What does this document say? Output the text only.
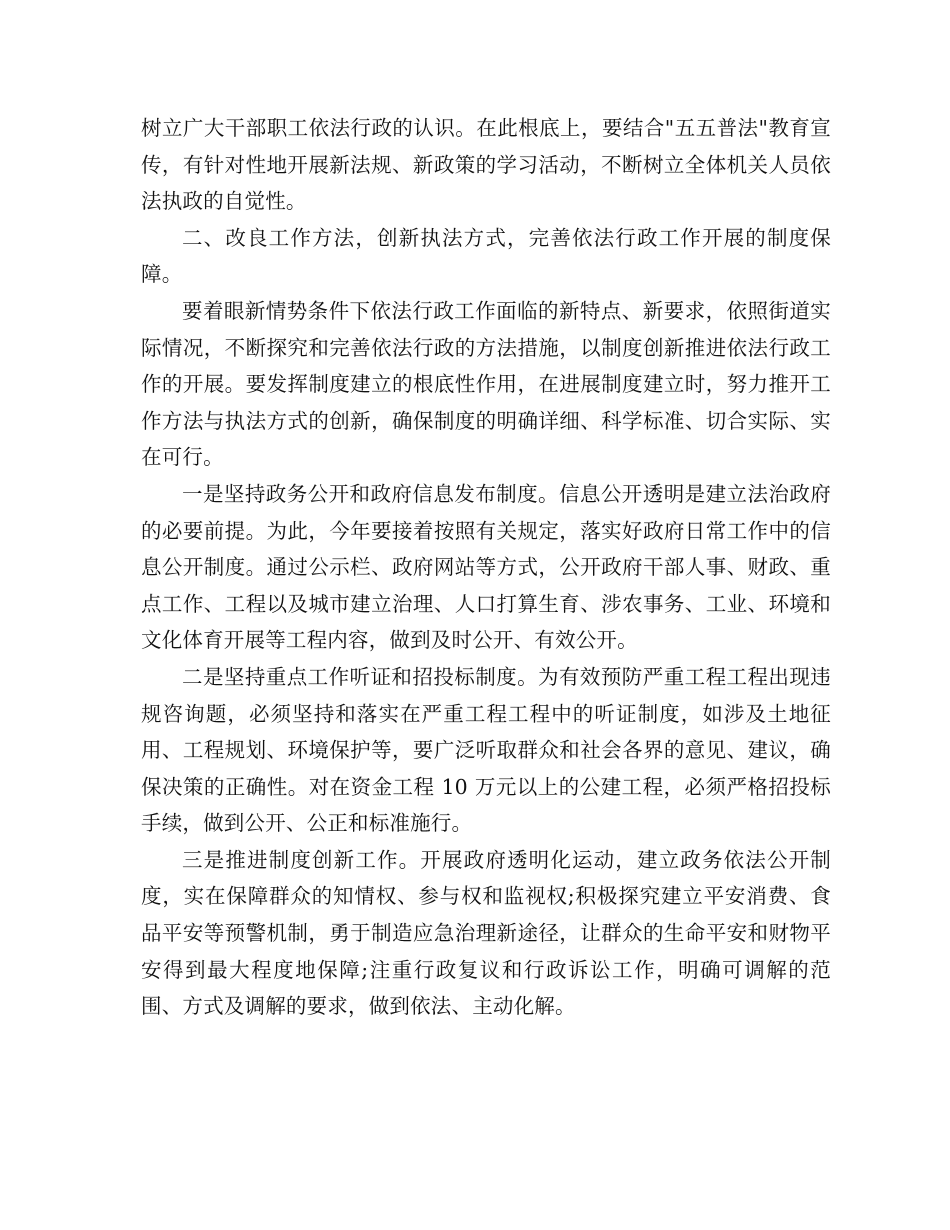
树立广大干部职工依法行政的认识。在此根底上，要结合"五五普法"教育宣传，有针对性地开展新法规、新政策的学习活动，不断树立全体机关人员依法执政的自觉性。

二、改良工作方法，创新执法方式，完善依法行政工作开展的制度保障。

要着眼新情势条件下依法行政工作面临的新特点、新要求，依照街道实际情况，不断探究和完善依法行政的方法措施，以制度创新推进依法行政工作的开展。要发挥制度建立的根底性作用，在进展制度建立时，努力推开工作方法与执法方式的创新，确保制度的明确详细、科学标准、切合实际、实在可行。

一是坚持政务公开和政府信息发布制度。信息公开透明是建立法治政府的必要前提。为此，今年要接着按照有关规定，落实好政府日常工作中的信息公开制度。通过公示栏、政府网站等方式，公开政府干部人事、财政、重点工作、工程以及城市建立治理、人口打算生育、涉农事务、工业、环境和文化体育开展等工程内容，做到及时公开、有效公开。

二是坚持重点工作听证和招投标制度。为有效预防严重工程工程出现违规咨询题，必须坚持和落实在严重工程工程中的听证制度，如涉及土地征用、工程规划、环境保护等，要广泛听取群众和社会各界的意见、建议，确保决策的正确性。对在资金工程 10 万元以上的公建工程，必须严格招投标手续，做到公开、公正和标准施行。

三是推进制度创新工作。开展政府透明化运动，建立政务依法公开制度，实在保障群众的知情权、参与权和监视权;积极探究建立平安消费、食品平安等预警机制，勇于制造应急治理新途径，让群众的生命平安和财物平安得到最大程度地保障;注重行政复议和行政诉讼工作，明确可调解的范围、方式及调解的要求，做到依法、主动化解。
